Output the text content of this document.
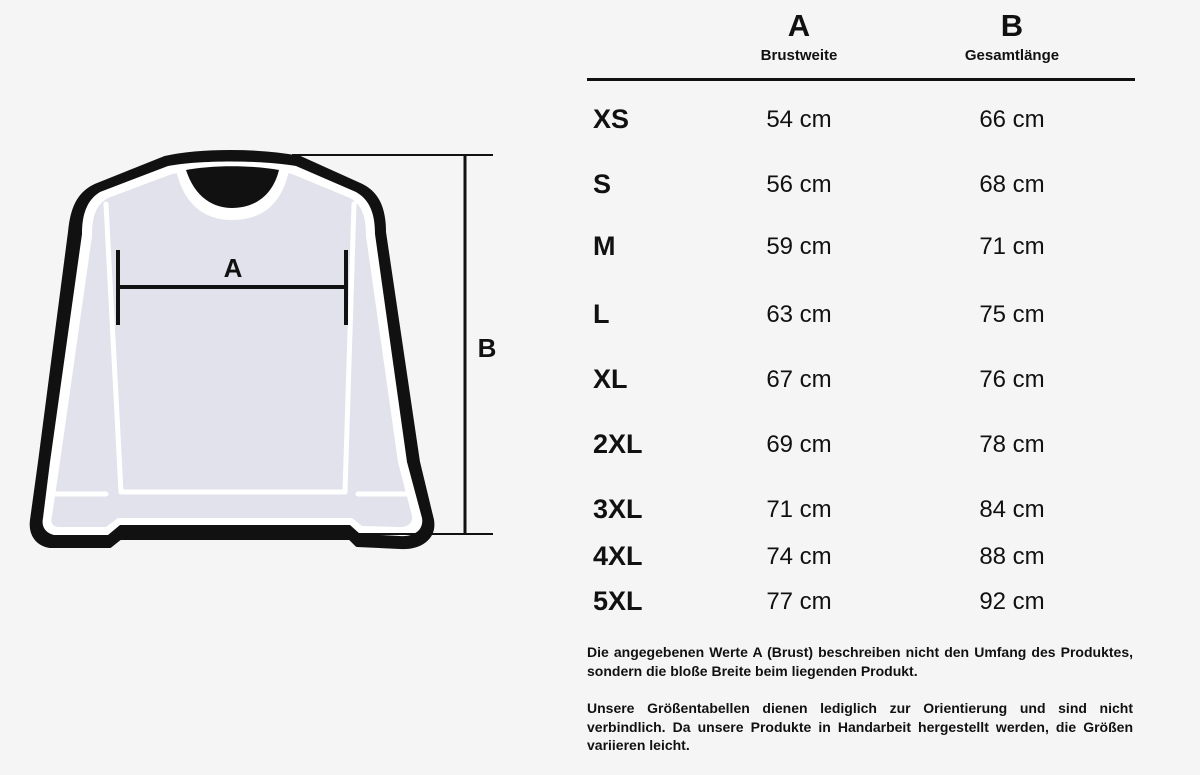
A
B
A
Brustweite
B
Gesamtlänge
XS	54 cm	66 cm
S	56 cm	68 cm
M	59 cm	71 cm
L	63 cm	75 cm
XL	67 cm	76 cm
2XL	69 cm	78 cm
3XL	71 cm	84 cm
4XL	74 cm	88 cm
5XL	77 cm	92 cm

Die angegebenen Werte A (Brust) beschreiben nicht den Umfang des Produktes, sondern die bloße Breite beim liegenden Produkt.

Unsere Größentabellen dienen lediglich zur Orientierung und sind nicht verbindlich. Da unsere Produkte in Handarbeit hergestellt werden, die Größen variieren leicht.
